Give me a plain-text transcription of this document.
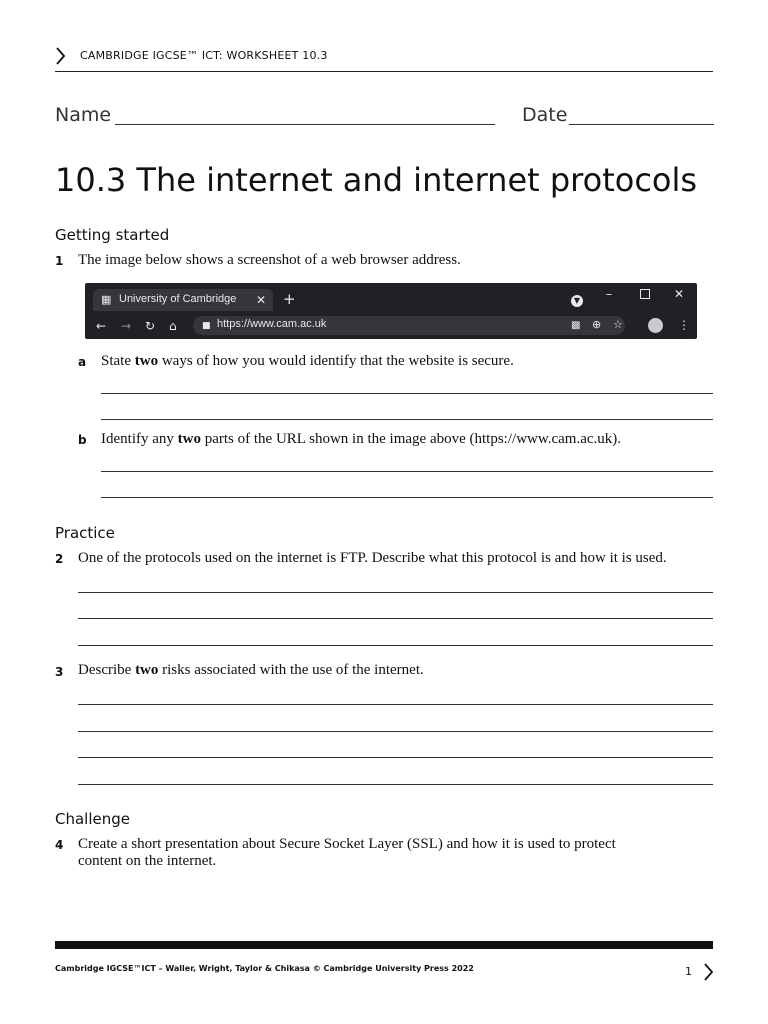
CAMBRIDGE IGCSE™ ICT: WORKSHEET 10.3
Name	Date
10.3 The internet and internet protocols
Getting started
1 The image below shows a screenshot of a web browser address.
▦ University of Cambridge ✕ +	▼ –	✕
← → ↻ ⌂	■ https://www.cam.ac.uk	▩ ⊕ ☆	⋮
a State two ways of how you would identify that the website is secure.
b Identify any two parts of the URL shown in the image above (https://www.cam.ac.uk).
Practice
2 One of the protocols used on the internet is FTP. Describe what this protocol is and how it is used.
3 Describe two risks associated with the use of the internet.
Challenge
4 Create a short presentation about Secure Socket Layer (SSL) and how it is used to protect
content on the internet.
Cambridge IGCSE™ICT – Waller, Wright, Taylor & Chikasa © Cambridge University Press 2022	1
